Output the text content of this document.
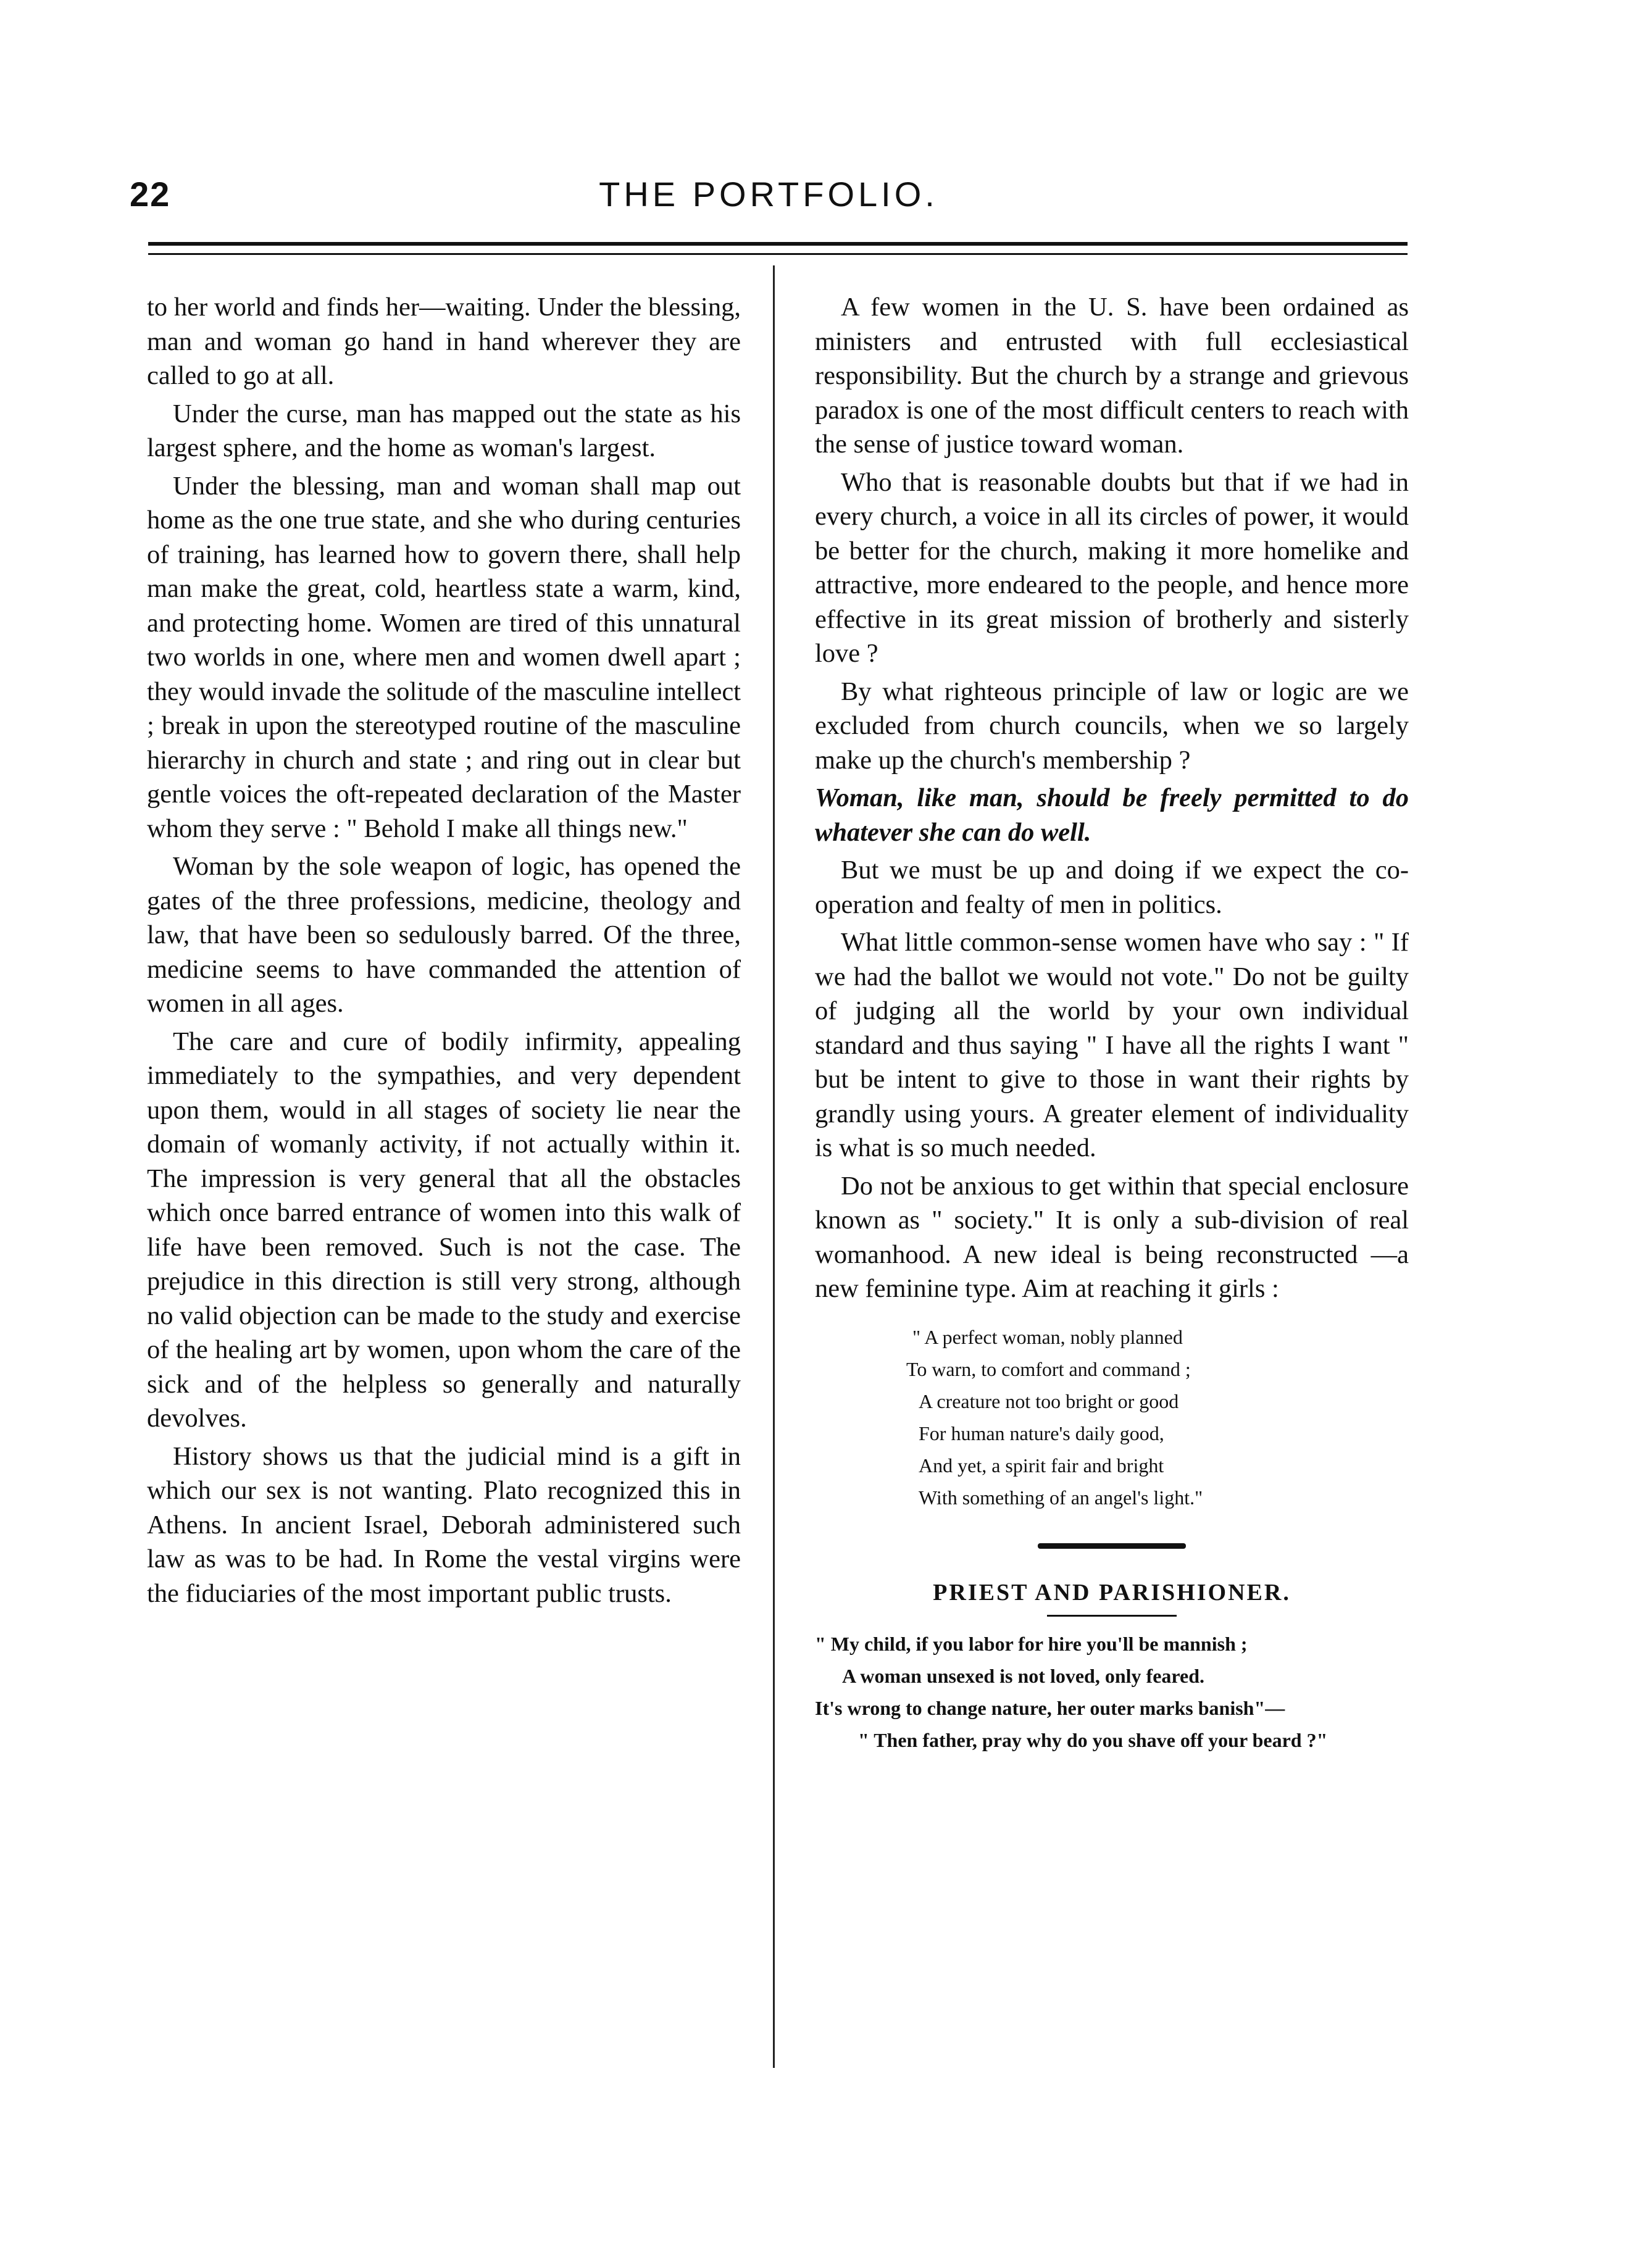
22	THE PORTFOLIO.

to her world and finds her—waiting. Under the blessing, man and woman go hand in hand wherever they are called to go at all.

Under the curse, man has mapped out the state as his largest sphere, and the home as woman's largest.

Under the blessing, man and woman shall map out home as the one true state, and she who during centuries of training, has learned how to govern there, shall help man make the great, cold, heartless state a warm, kind, and protecting home. Women are tired of this unnatural two worlds in one, where men and women dwell apart ; they would invade the solitude of the masculine intellect ; break in upon the stereotyped routine of the masculine hierarchy in church and state ; and ring out in clear but gentle voices the oft-repeated declaration of the Master whom they serve : " Behold I make all things new."

Woman by the sole weapon of logic, has opened the gates of the three professions, medicine, theology and law, that have been so sedulously barred. Of the three, medicine seems to have commanded the attention of women in all ages.

The care and cure of bodily infirmity, appealing immediately to the sympathies, and very dependent upon them, would in all stages of society lie near the domain of womanly activity, if not actually within it. The impression is very general that all the obstacles which once barred entrance of women into this walk of life have been removed. Such is not the case. The prejudice in this direction is still very strong, although no valid objection can be made to the study and exercise of the healing art by women, upon whom the care of the sick and of the helpless so generally and naturally devolves.

History shows us that the judicial mind is a gift in which our sex is not wanting. Plato recognized this in Athens. In ancient Israel, Deborah administered such law as was to be had. In Rome the vestal virgins were the fiduciaries of the most important public trusts.

A few women in the U. S. have been ordained as ministers and entrusted with full ecclesiastical responsibility. But the church by a strange and grievous paradox is one of the most difficult centers to reach with the sense of justice toward woman.

Who that is reasonable doubts but that if we had in every church, a voice in all its circles of power, it would be better for the church, making it more homelike and attractive, more endeared to the people, and hence more effective in its great mission of brotherly and sisterly love ?

By what righteous principle of law or logic are we excluded from church councils, when we so largely make up the church's membership ?

Woman, like man, should be freely permitted to do whatever she can do well.

But we must be up and doing if we expect the co-operation and fealty of men in politics.

What little common-sense women have who say : " If we had the ballot we would not vote." Do not be guilty of judging all the world by your own individual standard and thus saying " I have all the rights I want " but be intent to give to those in want their rights by grandly using yours. A greater element of individuality is what is so much needed.

Do not be anxious to get within that special enclosure known as " society." It is only a sub-division of real womanhood. A new ideal is being reconstructed —a new feminine type. Aim at reaching it girls :

" A perfect woman, nobly planned
To warn, to comfort and command ;
A creature not too bright or good
For human nature's daily good,
And yet, a spirit fair and bright
With something of an angel's light."
PRIEST AND PARISHIONER.
" My child, if you labor for hire you'll be mannish ;
A woman unsexed is not loved, only feared.
It's wrong to change nature, her outer marks banish"—
" Then father, pray why do you shave off your beard ?"
